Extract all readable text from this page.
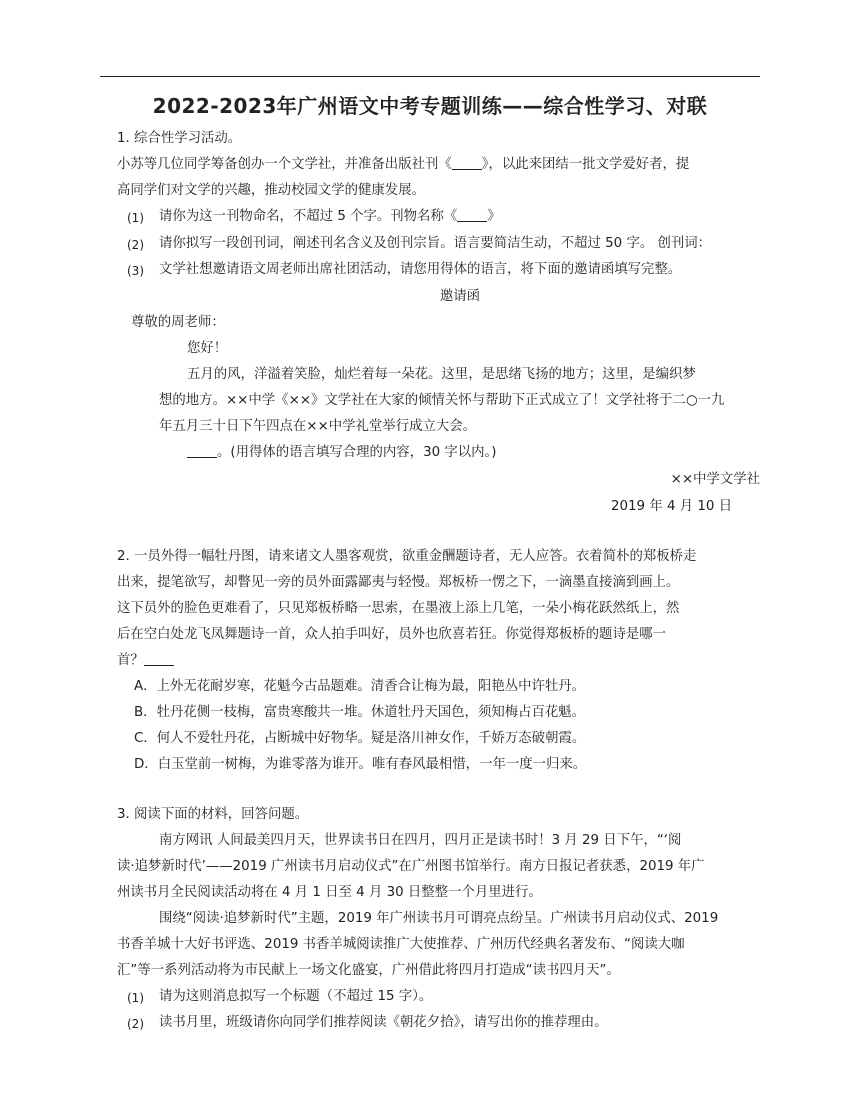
2022-2023年广州语文中考专题训练——综合性学习、对联
1. 综合性学习活动。
小苏等几位同学筹备创办一个文学社，并准备出版社刊《 》，以此来团结一批文学爱好者，提
高同学们对文学的兴趣，推动校园文学的健康发展。
(1) 请你为这一刊物命名，不超过 5 个字。刊物名称《 》
(2) 请你拟写一段创刊词，阐述刊名含义及创刊宗旨。语言要简洁生动，不超过 50 字。 创刊词：
(3) 文学社想邀请语文周老师出席社团活动，请您用得体的语言，将下面的邀请函填写完整。
邀请函
尊敬的周老师：
您好！
五月的风，洋溢着笑脸，灿烂着每一朵花。这里，是思绪飞扬的地方；这里，是编织梦
想的地方。××中学《××》文学社在大家的倾情关怀与帮助下正式成立了！文学社将于二○一九
年五月三十日下午四点在××中学礼堂举行成立大会。
。(用得体的语言填写合理的内容，30 字以内。)
××中学文学社
2019 年 4 月 10 日
2. 一员外得一幅牡丹图，请来诸文人墨客观赏，欲重金酬题诗者，无人应答。衣着简朴的郑板桥走
出来，提笔欲写，却瞥见一旁的员外面露鄙夷与轻慢。郑板桥一愣之下，一滴墨直接滴到画上。
这下员外的脸色更难看了，只见郑板桥略一思索，在墨液上添上几笔，一朵小梅花跃然纸上，然
后在空白处龙飞凤舞题诗一首，众人拍手叫好，员外也欣喜若狂。你觉得郑板桥的题诗是哪一
首？
A．上外无花耐岁寒，花魁今古品题难。清香合让梅为最，阳艳丛中许牡丹。
B．牡丹花侧一枝梅，富贵寒酸共一堆。休道牡丹天国色，须知梅占百花魁。
C．何人不爱牡丹花，占断城中好物华。疑是洛川神女作，千娇万态破朝霞。
D．白玉堂前一树梅，为谁零落为谁开。唯有春风最相惜，一年一度一归来。
3. 阅读下面的材料，回答问题。
南方网讯 人间最美四月天，世界读书日在四月，四月正是读书时！3 月 29 日下午，“‘阅
读·追梦新时代’——2019 广州读书月启动仪式”在广州图书馆举行。南方日报记者获悉，2019 年广
州读书月全民阅读活动将在 4 月 1 日至 4 月 30 日整整一个月里进行。
围绕“阅读·追梦新时代”主题，2019 年广州读书月可谓亮点纷呈。广州读书月启动仪式、2019
书香羊城十大好书评选、2019 书香羊城阅读推广大使推荐、广州历代经典名著发布、“阅读大咖
汇”等一系列活动将为市民献上一场文化盛宴，广州借此将四月打造成“读书四月天”。
(1) 请为这则消息拟写一个标题（不超过 15 字）。
(2) 读书月里，班级请你向同学们推荐阅读《朝花夕拾》，请写出你的推荐理由。
